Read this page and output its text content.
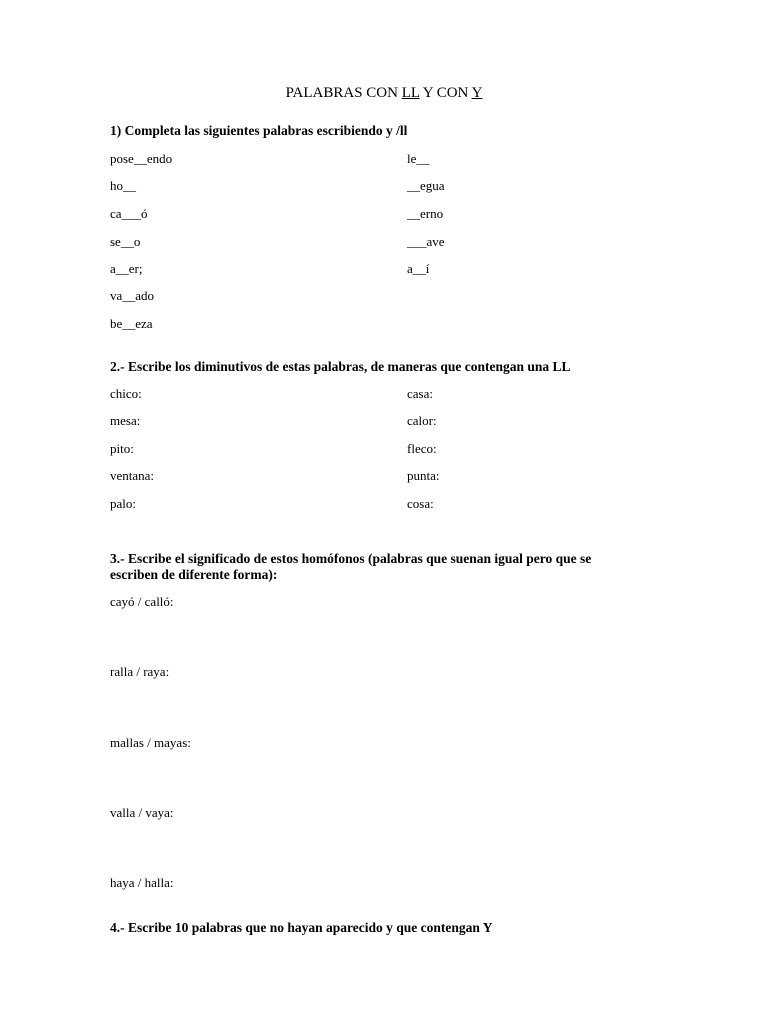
PALABRAS CON LL Y CON Y
1) Completa las siguientes palabras escribiendo y /ll
pose__endo
ho__
ca___ó
se__o
a__er;
va__ado
be__eza
le__
__egua
__erno
___ave
a__í
2.- Escribe los diminutivos de estas palabras, de maneras que contengan una LL
chico:
mesa:
pito:
ventana:
palo:
casa:
calor:
fleco:
punta:
cosa:
3.- Escribe el significado de estos homófonos (palabras que suenan igual pero que se
escriben de diferente forma):
cayó / calló:
ralla / raya:
mallas / mayas:
valla / vaya:
haya / halla:
4.- Escribe 10 palabras que no hayan aparecido y que contengan Y
